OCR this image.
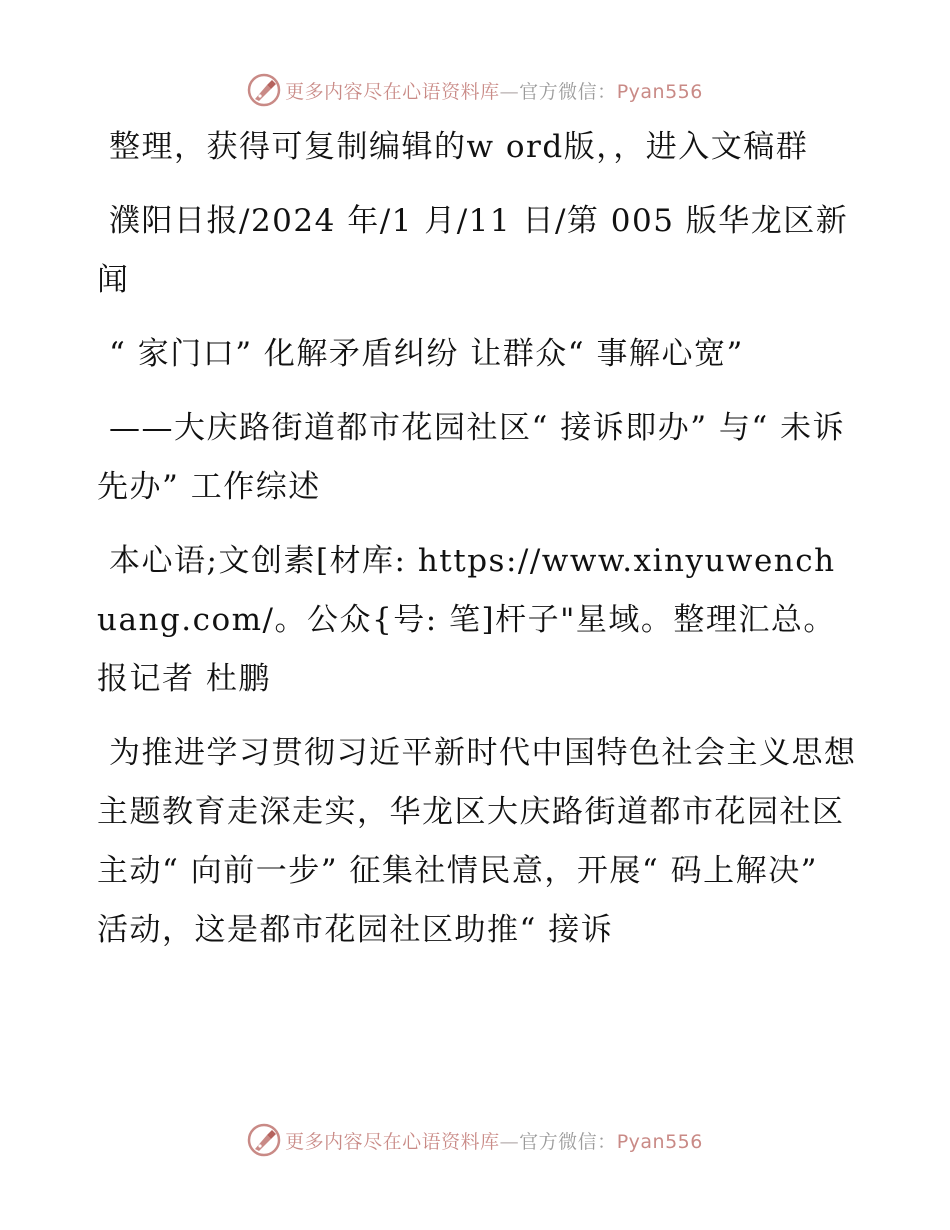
更多内容尽在心语资料库—官方微信：Pyan556

整理，获得可复制编辑的w ord版，，进入文稿群

濮阳日报/2024 年/1 月/11 日/第 005 版华龙区新闻

“ 家门口” 化解矛盾纠纷 让群众“ 事解心宽”

——大庆路街道都市花园社区“ 接诉即办” 与“ 未诉先办” 工作综述

本心语;文创素[材库: https://www.xinyuwenchuang.com/。公众{号: 笔]杆子"星域。整理汇总。报记者 杜鹏

为推进学习贯彻习近平新时代中国特色社会主义思想主题教育走深走实，华龙区大庆路街道都市花园社区主动“ 向前一步” 征集社情民意，开展“ 码上解决” 活动，这是都市花园社区助推“ 接诉

更多内容尽在心语资料库—官方微信：Pyan556
